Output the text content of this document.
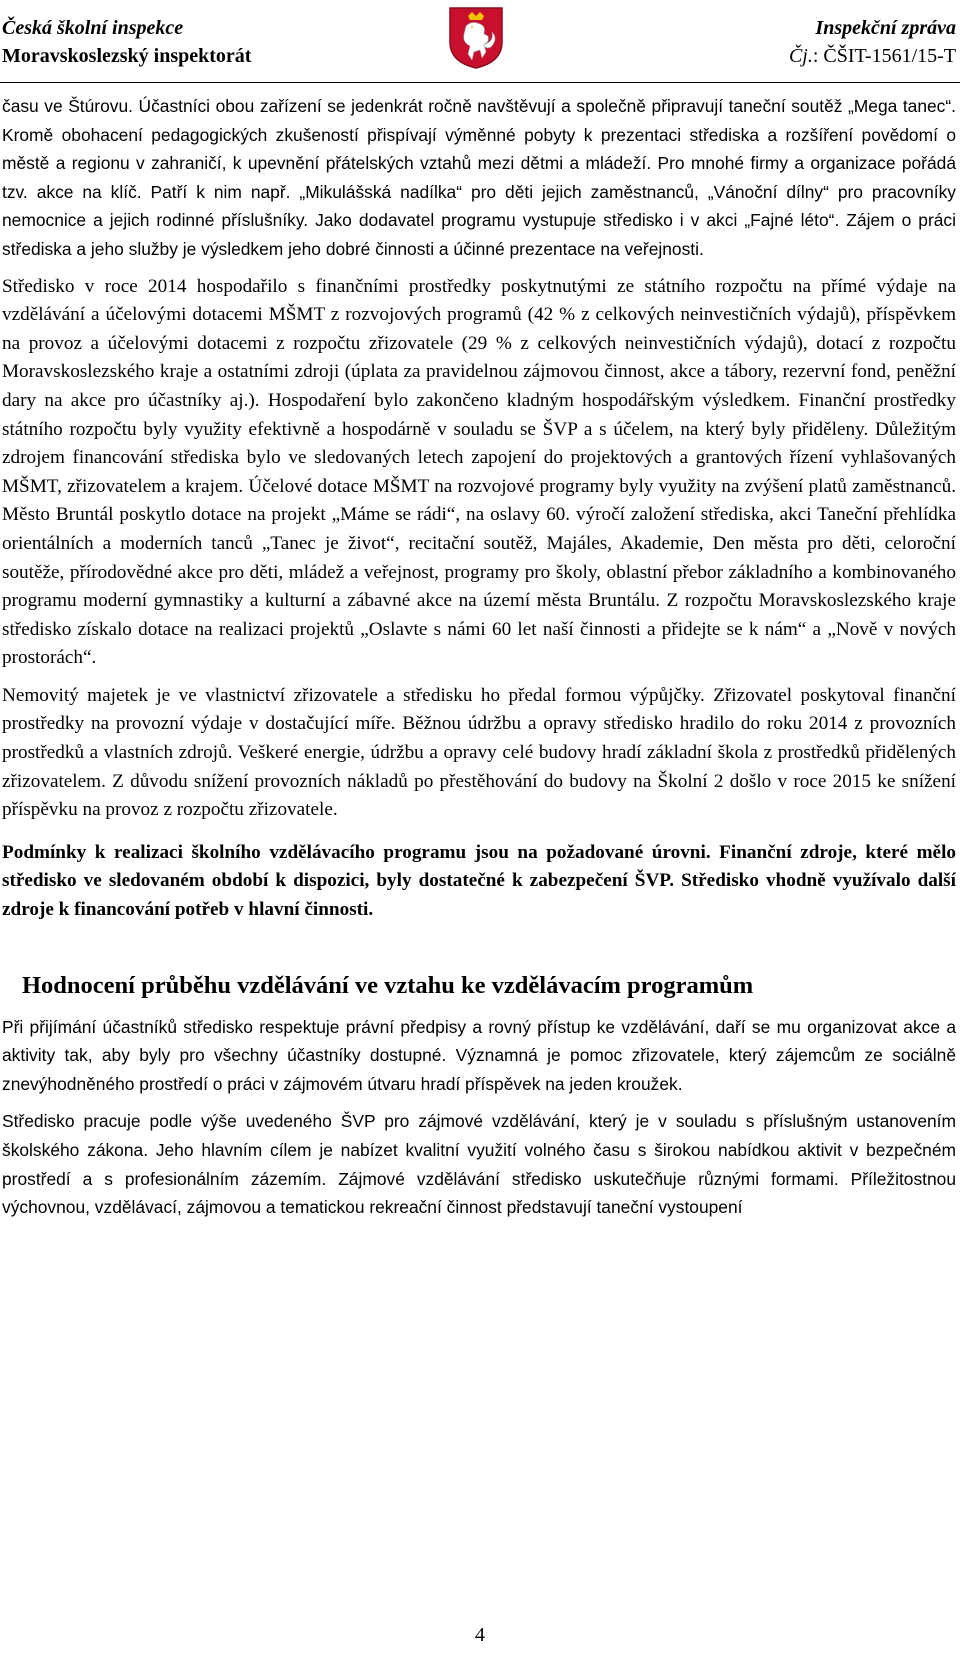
Česká školní inspekce
Moravskoslezský inspektorát
Inspekční zpráva
Čj.: ČŠIT-1561/15-T

času ve Štúrovu. Účastníci obou zařízení se jedenkrát ročně navštěvují a společně připravují taneční soutěž „Mega tanec“. Kromě obohacení pedagogických zkušeností přispívají výměnné pobyty k prezentaci střediska a rozšíření povědomí o městě a regionu v zahraničí, k upevnění přátelských vztahů mezi dětmi a mládeží. Pro mnohé firmy a organizace pořádá tzv. akce na klíč. Patří k nim např. „Mikulášská nadílka“ pro děti jejich zaměstnanců, „Vánoční dílny“ pro pracovníky nemocnice a jejich rodinné příslušníky. Jako dodavatel programu vystupuje středisko i v akci „Fajné léto“. Zájem o práci střediska a jeho služby je výsledkem jeho dobré činnosti a účinné prezentace na veřejnosti.

Středisko v roce 2014 hospodařilo s finančními prostředky poskytnutými ze státního rozpočtu na přímé výdaje na vzdělávání a účelovými dotacemi MŠMT z rozvojových programů (42 % z celkových neinvestičních výdajů), příspěvkem na provoz a účelovými dotacemi z rozpočtu zřizovatele (29 % z celkových neinvestičních výdajů), dotací z rozpočtu Moravskoslezského kraje a ostatními zdroji (úplata za pravidelnou zájmovou činnost, akce a tábory, rezervní fond, peněžní dary na akce pro účastníky aj.). Hospodaření bylo zakončeno kladným hospodářským výsledkem. Finanční prostředky státního rozpočtu byly využity efektivně a hospodárně v souladu se ŠVP a s účelem, na který byly přiděleny. Důležitým zdrojem financování střediska bylo ve sledovaných letech zapojení do projektových a grantových řízení vyhlašovaných MŠMT, zřizovatelem a krajem. Účelové dotace MŠMT na rozvojové programy byly využity na zvýšení platů zaměstnanců. Město Bruntál poskytlo dotace na projekt „Máme se rádi“, na oslavy 60. výročí založení střediska, akci Taneční přehlídka orientálních a moderních tanců „Tanec je život“, recitační soutěž, Majáles, Akademie, Den města pro děti, celoroční soutěže, přírodovědné akce pro děti, mládež a veřejnost, programy pro školy, oblastní přebor základního a kombinovaného programu moderní gymnastiky a kulturní a zábavné akce na území města Bruntálu. Z rozpočtu Moravskoslezského kraje středisko získalo dotace na realizaci projektů „Oslavte s námi 60 let naší činnosti a přidejte se k nám“ a „Nově v nových prostorách“.

Nemovitý majetek je ve vlastnictví zřizovatele a středisku ho předal formou výpůjčky. Zřizovatel poskytoval finanční prostředky na provozní výdaje v dostačující míře. Běžnou údržbu a opravy středisko hradilo do roku 2014 z provozních prostředků a vlastních zdrojů. Veškeré energie, údržbu a opravy celé budovy hradí základní škola z prostředků přidělených zřizovatelem. Z důvodu snížení provozních nákladů po přestěhování do budovy na Školní 2 došlo v roce 2015 ke snížení příspěvku na provoz z rozpočtu zřizovatele.

Podmínky k realizaci školního vzdělávacího programu jsou na požadované úrovni. Finanční zdroje, které mělo středisko ve sledovaném období k dispozici, byly dostatečné k zabezpečení ŠVP. Středisko vhodně využívalo další zdroje k financování potřeb v hlavní činnosti.

Hodnocení průběhu vzdělávání ve vztahu ke vzdělávacím programům

Při přijímání účastníků středisko respektuje právní předpisy a rovný přístup ke vzdělávání, daří se mu organizovat akce a aktivity tak, aby byly pro všechny účastníky dostupné. Významná je pomoc zřizovatele, který zájemcům ze sociálně znevýhodněného prostředí o práci v zájmovém útvaru hradí příspěvek na jeden kroužek.

Středisko pracuje podle výše uvedeného ŠVP pro zájmové vzdělávání, který je v souladu s příslušným ustanovením školského zákona. Jeho hlavním cílem je nabízet kvalitní využití volného času s širokou nabídkou aktivit v bezpečném prostředí a s profesionálním zázemím. Zájmové vzdělávání středisko uskutečňuje různými formami. Příležitostnou výchovnou, vzdělávací, zájmovou a tematickou rekreační činnost představují taneční vystoupení

4
